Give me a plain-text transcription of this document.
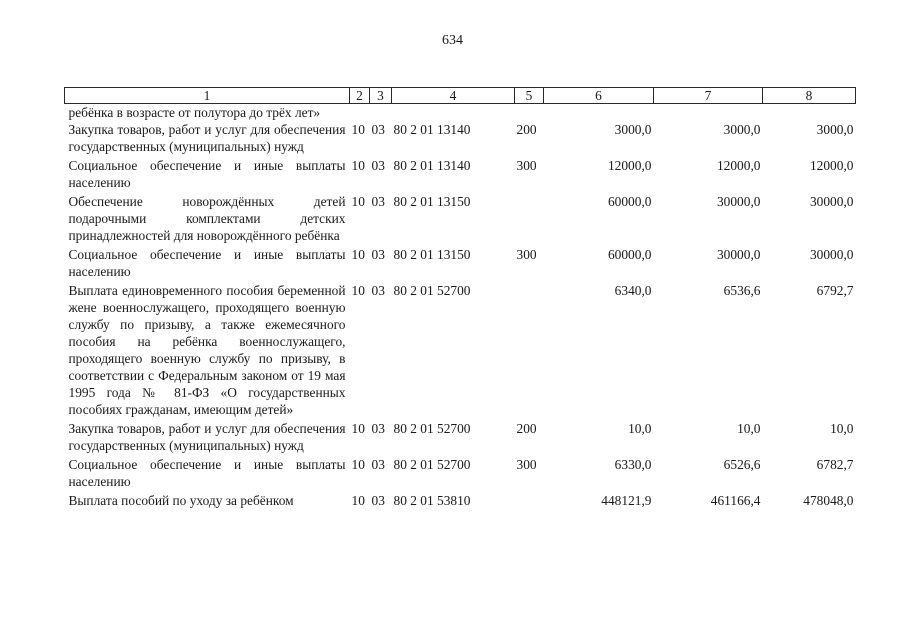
634
1	2	3	4	5	6	7	8
ребёнка в возрасте от полутора до трёх лет»							
Закупка товаров, работ и услуг для обеспечения государственных (муниципальных) нужд	10	03	80 2 01 13140	200	3000,0	3000,0	3000,0
Социальное обеспечение и иные выплаты населению	10	03	80 2 01 13140	300	12000,0	12000,0	12000,0
Обеспечение новорождённых детей подарочными комплектами детских принадлежностей для новорождённого ребёнка	10	03	80 2 01 13150		60000,0	30000,0	30000,0
Социальное обеспечение и иные выплаты населению	10	03	80 2 01 13150	300	60000,0	30000,0	30000,0
Выплата единовременного пособия беременной жене военнослужащего, проходящего военную службу по призыву, а также ежемесячного пособия на ребёнка военнослужащего, проходящего военную службу по призыву, в соответствии с Федеральным законом от 19 мая 1995 года № 81-ФЗ «О государственных пособиях гражданам, имеющим детей»	10	03	80 2 01 52700		6340,0	6536,6	6792,7
Закупка товаров, работ и услуг для обеспечения государственных (муниципальных) нужд	10	03	80 2 01 52700	200	10,0	10,0	10,0
Социальное обеспечение и иные выплаты населению	10	03	80 2 01 52700	300	6330,0	6526,6	6782,7
Выплата пособий по уходу за ребёнком	10	03	80 2 01 53810		448121,9	461166,4	478048,0
